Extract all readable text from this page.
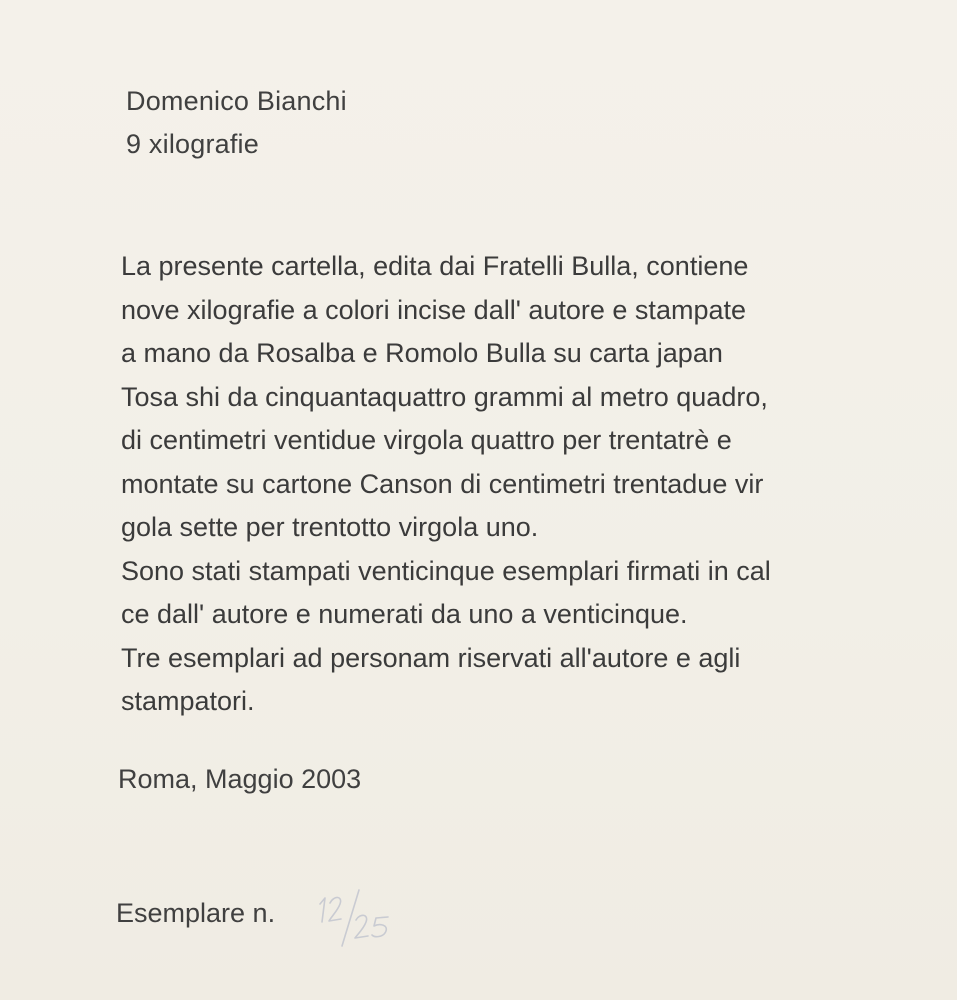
Domenico Bianchi
9 xilografie
La presente cartella, edita dai Fratelli Bulla, contiene
nove xilografie a colori incise dall' autore e stampate
a mano da Rosalba e Romolo Bulla su carta japan
Tosa shi da cinquantaquattro grammi al metro quadro,
di centimetri ventidue virgola quattro per trentatrè e
montate su cartone Canson di centimetri trentadue vir
gola sette per trentotto virgola uno.
Sono stati stampati venticinque esemplari firmati in cal
ce dall' autore e numerati da uno a venticinque.
Tre esemplari ad personam riservati all'autore e agli
stampatori.
Roma, Maggio 2003
Esemplare n.
